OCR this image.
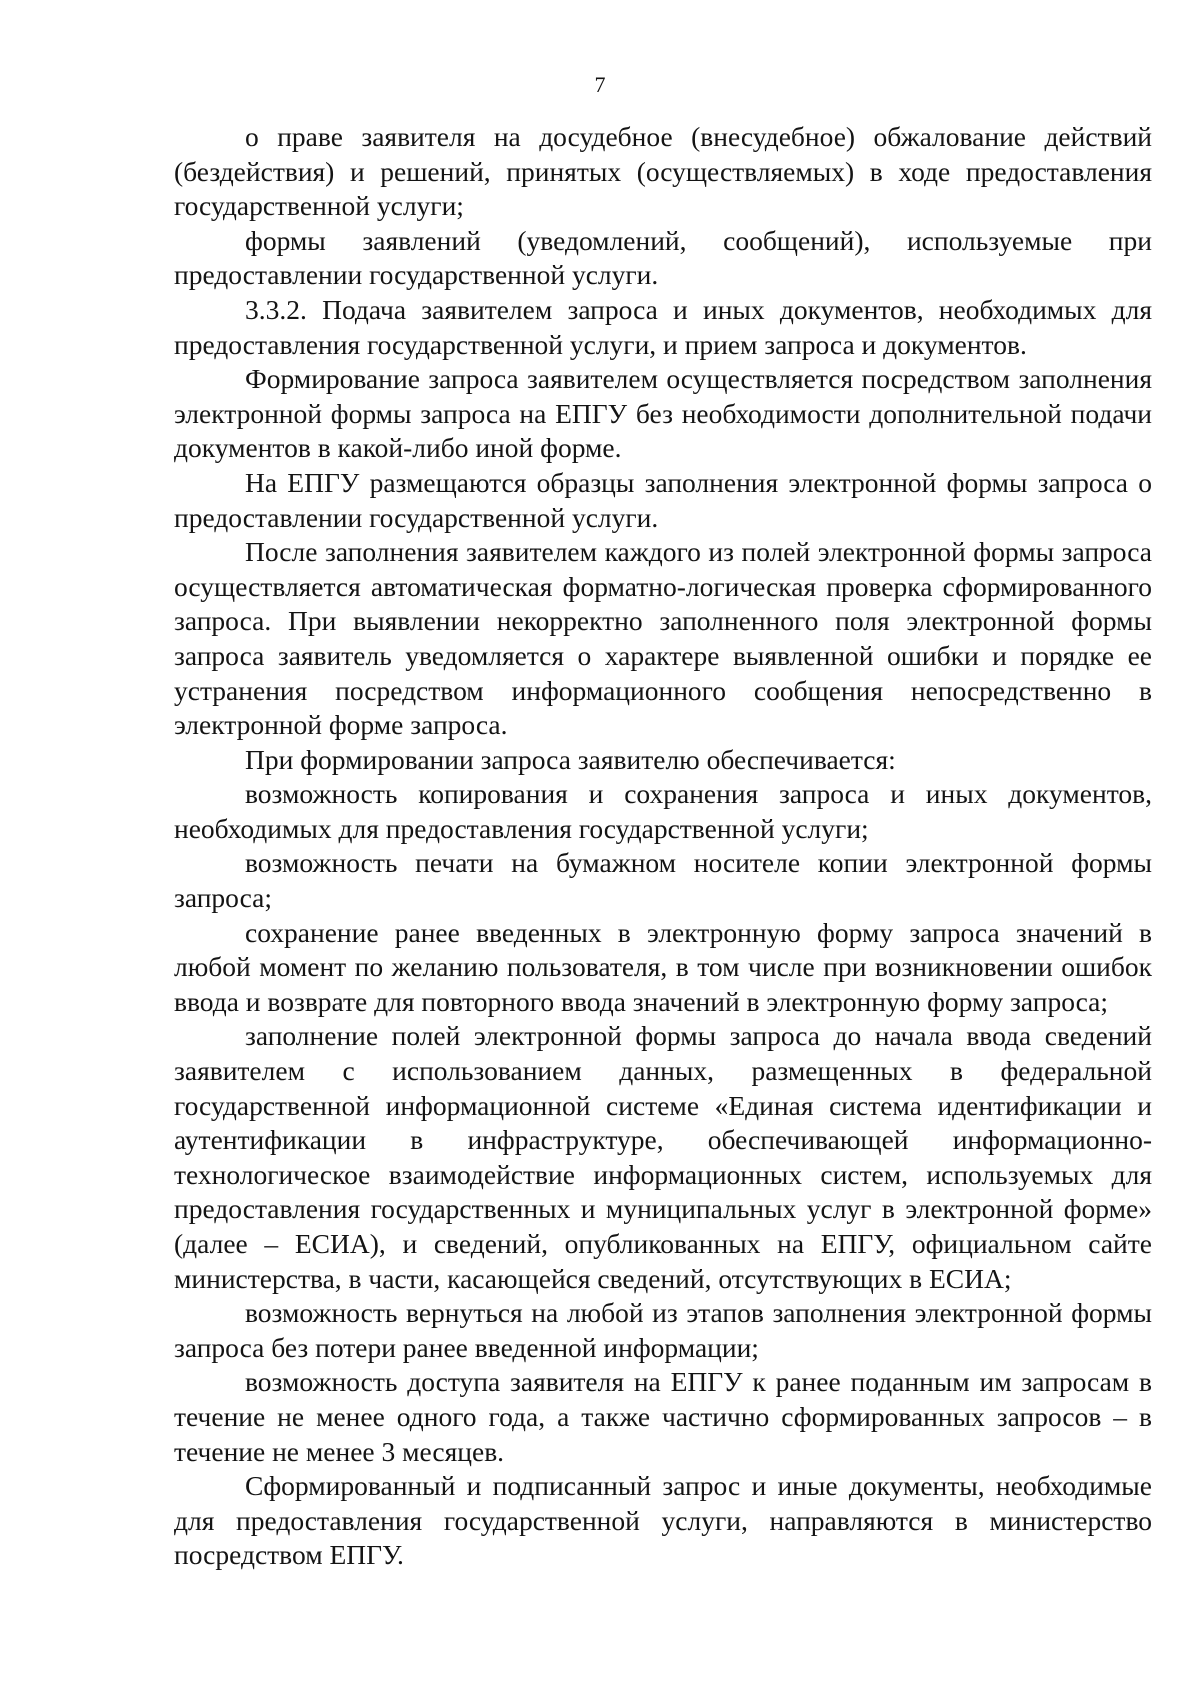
7

о праве заявителя на досудебное (внесудебное) обжалование действий (бездействия) и решений, принятых (осуществляемых) в ходе предоставления государственной услуги;

формы заявлений (уведомлений, сообщений), используемые при предоставлении государственной услуги.

3.3.2. Подача заявителем запроса и иных документов, необходимых для предоставления государственной услуги, и прием запроса и документов.

Формирование запроса заявителем осуществляется посредством заполнения электронной формы запроса на ЕПГУ без необходимости дополнительной подачи документов в какой-либо иной форме.

На ЕПГУ размещаются образцы заполнения электронной формы запроса о предоставлении государственной услуги.

После заполнения заявителем каждого из полей электронной формы запроса осуществляется автоматическая форматно-логическая проверка сформированного запроса. При выявлении некорректно заполненного поля электронной формы запроса заявитель уведомляется о характере выявленной ошибки и порядке ее устранения посредством информационного сообщения непосредственно в электронной форме запроса.

При формировании запроса заявителю обеспечивается:

возможность копирования и сохранения запроса и иных документов, необходимых для предоставления государственной услуги;

возможность печати на бумажном носителе копии электронной формы запроса;

сохранение ранее введенных в электронную форму запроса значений в любой момент по желанию пользователя, в том числе при возникновении ошибок ввода и возврате для повторного ввода значений в электронную форму запроса;

заполнение полей электронной формы запроса до начала ввода сведений заявителем с использованием данных, размещенных в федеральной государственной информационной системе «Единая система идентификации и аутентификации в инфраструктуре, обеспечивающей информационно-технологическое взаимодействие информационных систем, используемых для предоставления государственных и муниципальных услуг в электронной форме» (далее – ЕСИА), и сведений, опубликованных на ЕПГУ, официальном сайте министерства, в части, касающейся сведений, отсутствующих в ЕСИА;

возможность вернуться на любой из этапов заполнения электронной формы запроса без потери ранее введенной информации;

возможность доступа заявителя на ЕПГУ к ранее поданным им запросам в течение не менее одного года, а также частично сформированных запросов – в течение не менее 3 месяцев.

Сформированный и подписанный запрос и иные документы, необходимые для предоставления государственной услуги, направляются в министерство посредством ЕПГУ.
